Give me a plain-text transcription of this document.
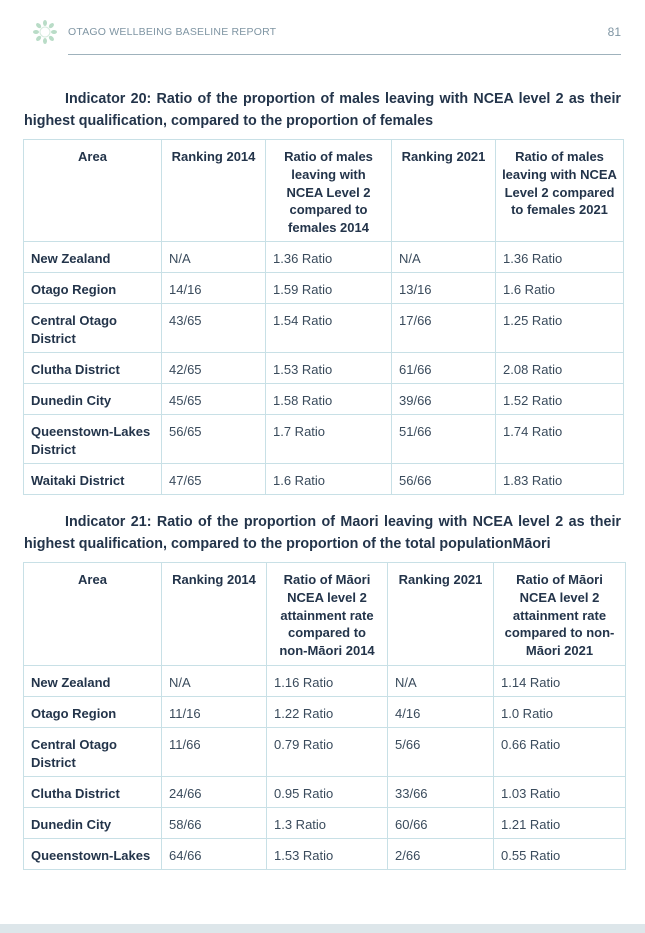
OTAGO WELLBEING BASELINE REPORT	81
Indicator 20: Ratio of the proportion of males leaving with NCEA level 2 as their highest qualification, compared to the proportion of females
Area	Ranking 2014	Ratio of males leaving with NCEA Level 2 compared to females 2014	Ranking 2021	Ratio of males leaving with NCEA Level 2 compared to females 2021
New Zealand	N/A	1.36 Ratio	N/A	1.36 Ratio
Otago Region	14/16	1.59 Ratio	13/16	1.6 Ratio
Central Otago District	43/65	1.54 Ratio	17/66	1.25 Ratio
Clutha District	42/65	1.53 Ratio	61/66	2.08 Ratio
Dunedin City	45/65	1.58 Ratio	39/66	1.52 Ratio
Queenstown-Lakes District	56/65	1.7 Ratio	51/66	1.74 Ratio
Waitaki District	47/65	1.6 Ratio	56/66	1.83 Ratio
Indicator 21: Ratio of the proportion of Maori leaving with NCEA level 2 as their highest qualification, compared to the proportion of the total populationMāori
Area	Ranking 2014	Ratio of Māori NCEA level 2 attainment rate compared to non-Māori 2014	Ranking 2021	Ratio of Māori NCEA level 2 attainment rate compared to non-Māori 2021
New Zealand	N/A	1.16 Ratio	N/A	1.14 Ratio
Otago Region	11/16	1.22 Ratio	4/16	1.0 Ratio
Central Otago District	11/66	0.79 Ratio	5/66	0.66 Ratio
Clutha District	24/66	0.95 Ratio	33/66	1.03 Ratio
Dunedin City	58/66	1.3 Ratio	60/66	1.21 Ratio
Queenstown-Lakes	64/66	1.53 Ratio	2/66	0.55 Ratio
